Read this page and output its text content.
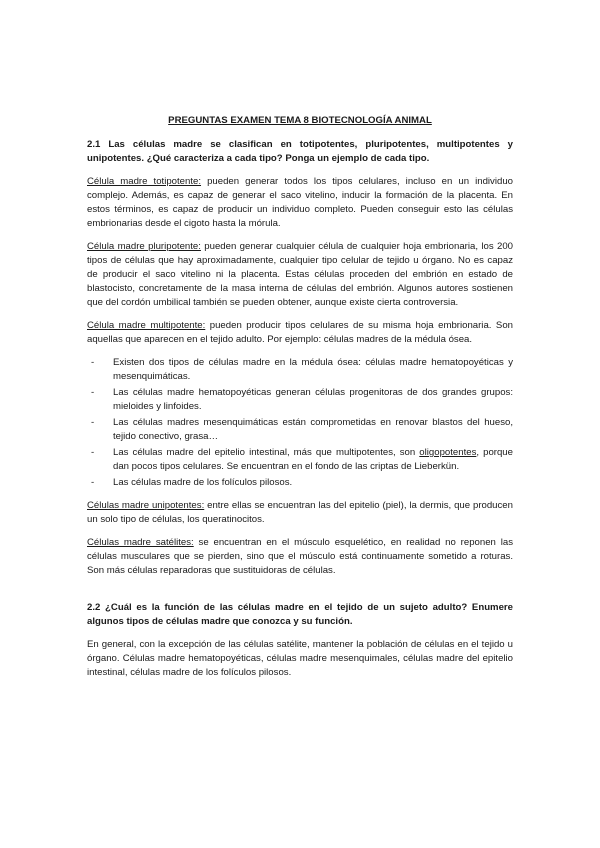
PREGUNTAS EXAMEN TEMA 8 BIOTECNOLOGÍA ANIMAL
2.1 Las células madre se clasifican en totipotentes, pluripotentes, multipotentes y unipotentes. ¿Qué caracteriza a cada tipo? Ponga un ejemplo de cada tipo.

Célula madre totipotente: pueden generar todos los tipos celulares, incluso en un individuo complejo. Además, es capaz de generar el saco vitelino, inducir la formación de la placenta. En estos términos, es capaz de producir un individuo completo. Pueden conseguir esto las células embrionarias desde el cigoto hasta la mórula.

Célula madre pluripotente: pueden generar cualquier célula de cualquier hoja embrionaria, los 200 tipos de células que hay aproximadamente, cualquier tipo celular de tejido u órgano. No es capaz de producir el saco vitelino ni la placenta. Estas células proceden del embrión en estado de blastocisto, concretamente de la masa interna de células del embrión. Algunos autores sostienen que del cordón umbilical también se pueden obtener, aunque existe cierta controversia.

Célula madre multipotente: pueden producir tipos celulares de su misma hoja embrionaria. Son aquellas que aparecen en el tejido adulto. Por ejemplo: células madres de la médula ósea.

- Existen dos tipos de células madre en la médula ósea: células madre hematopoyéticas y mesenquimáticas.
- Las células madre hematopoyéticas generan células progenitoras de dos grandes grupos: mieloides y linfoides.
- Las células madres mesenquimáticas están comprometidas en renovar blastos del hueso, tejido conectivo, grasa…
- Las células madre del epitelio intestinal, más que multipotentes, son oligopotentes, porque dan pocos tipos celulares. Se encuentran en el fondo de las criptas de Lieberkün.
- Las células madre de los folículos pilosos.

Células madre unipotentes: entre ellas se encuentran las del epitelio (piel), la dermis, que producen un solo tipo de células, los queratinocitos.

Células madre satélites: se encuentran en el músculo esquelético, en realidad no reponen las células musculares que se pierden, sino que el músculo está continuamente sometido a roturas. Son más células reparadoras que sustituidoras de células.

2.2 ¿Cuál es la función de las células madre en el tejido de un sujeto adulto? Enumere algunos tipos de células madre que conozca y su función.

En general, con la excepción de las células satélite, mantener la población de células en el tejido u órgano. Células madre hematopoyéticas, células madre mesenquimales, células madre del epitelio intestinal, células madre de los folículos pilosos.
